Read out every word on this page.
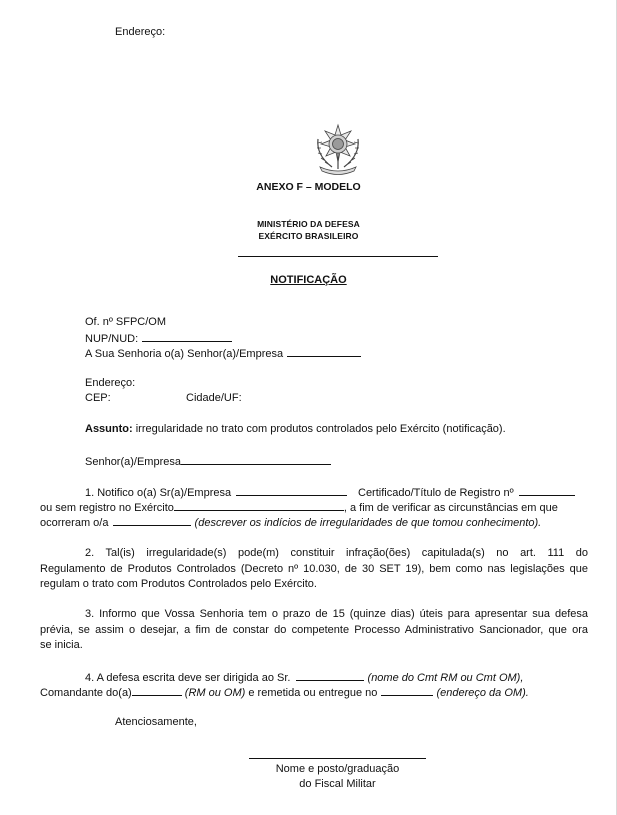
Endereço:
ANEXO F – MODELO
MINISTÉRIO DA DEFESA
EXÉRCITO BRASILEIRO
NOTIFICAÇÃO
Of. nº SFPC/OM
NUP/NUD:
A Sua Senhoria o(a) Senhor(a)/Empresa
Endereço:
CEP:	Cidade/UF:
Assunto: irregularidade no trato com produtos controlados pelo Exército (notificação).
Senhor(a)/Empresa
1. Notifico o(a) Sr(a)/Empresa	Certificado/Título de Registro nº
ou sem registro no Exército	, a fim de verificar as circunstâncias em que
ocorreram o/a	(descrever os indícios de irregularidades de que tomou conhecimento).
2. Tal(is) irregularidade(s) pode(m) constituir infração(ões) capitulada(s) no art. 111 do
Regulamento de Produtos Controlados (Decreto nº 10.030, de 30 SET 19), bem como nas legislações que
regulam o trato com Produtos Controlados pelo Exército.
3. Informo que Vossa Senhoria tem o prazo de 15 (quinze dias) úteis para apresentar sua defesa
prévia, se assim o desejar, a fim de constar do competente Processo Administrativo Sancionador, que ora
se inicia.
4. A defesa escrita deve ser dirigida ao Sr.	(nome do Cmt RM ou Cmt OM),
Comandante do(a)	(RM ou OM) e remetida ou entregue no	(endereço da OM).
Atenciosamente,
Nome e posto/graduação
do Fiscal Militar
